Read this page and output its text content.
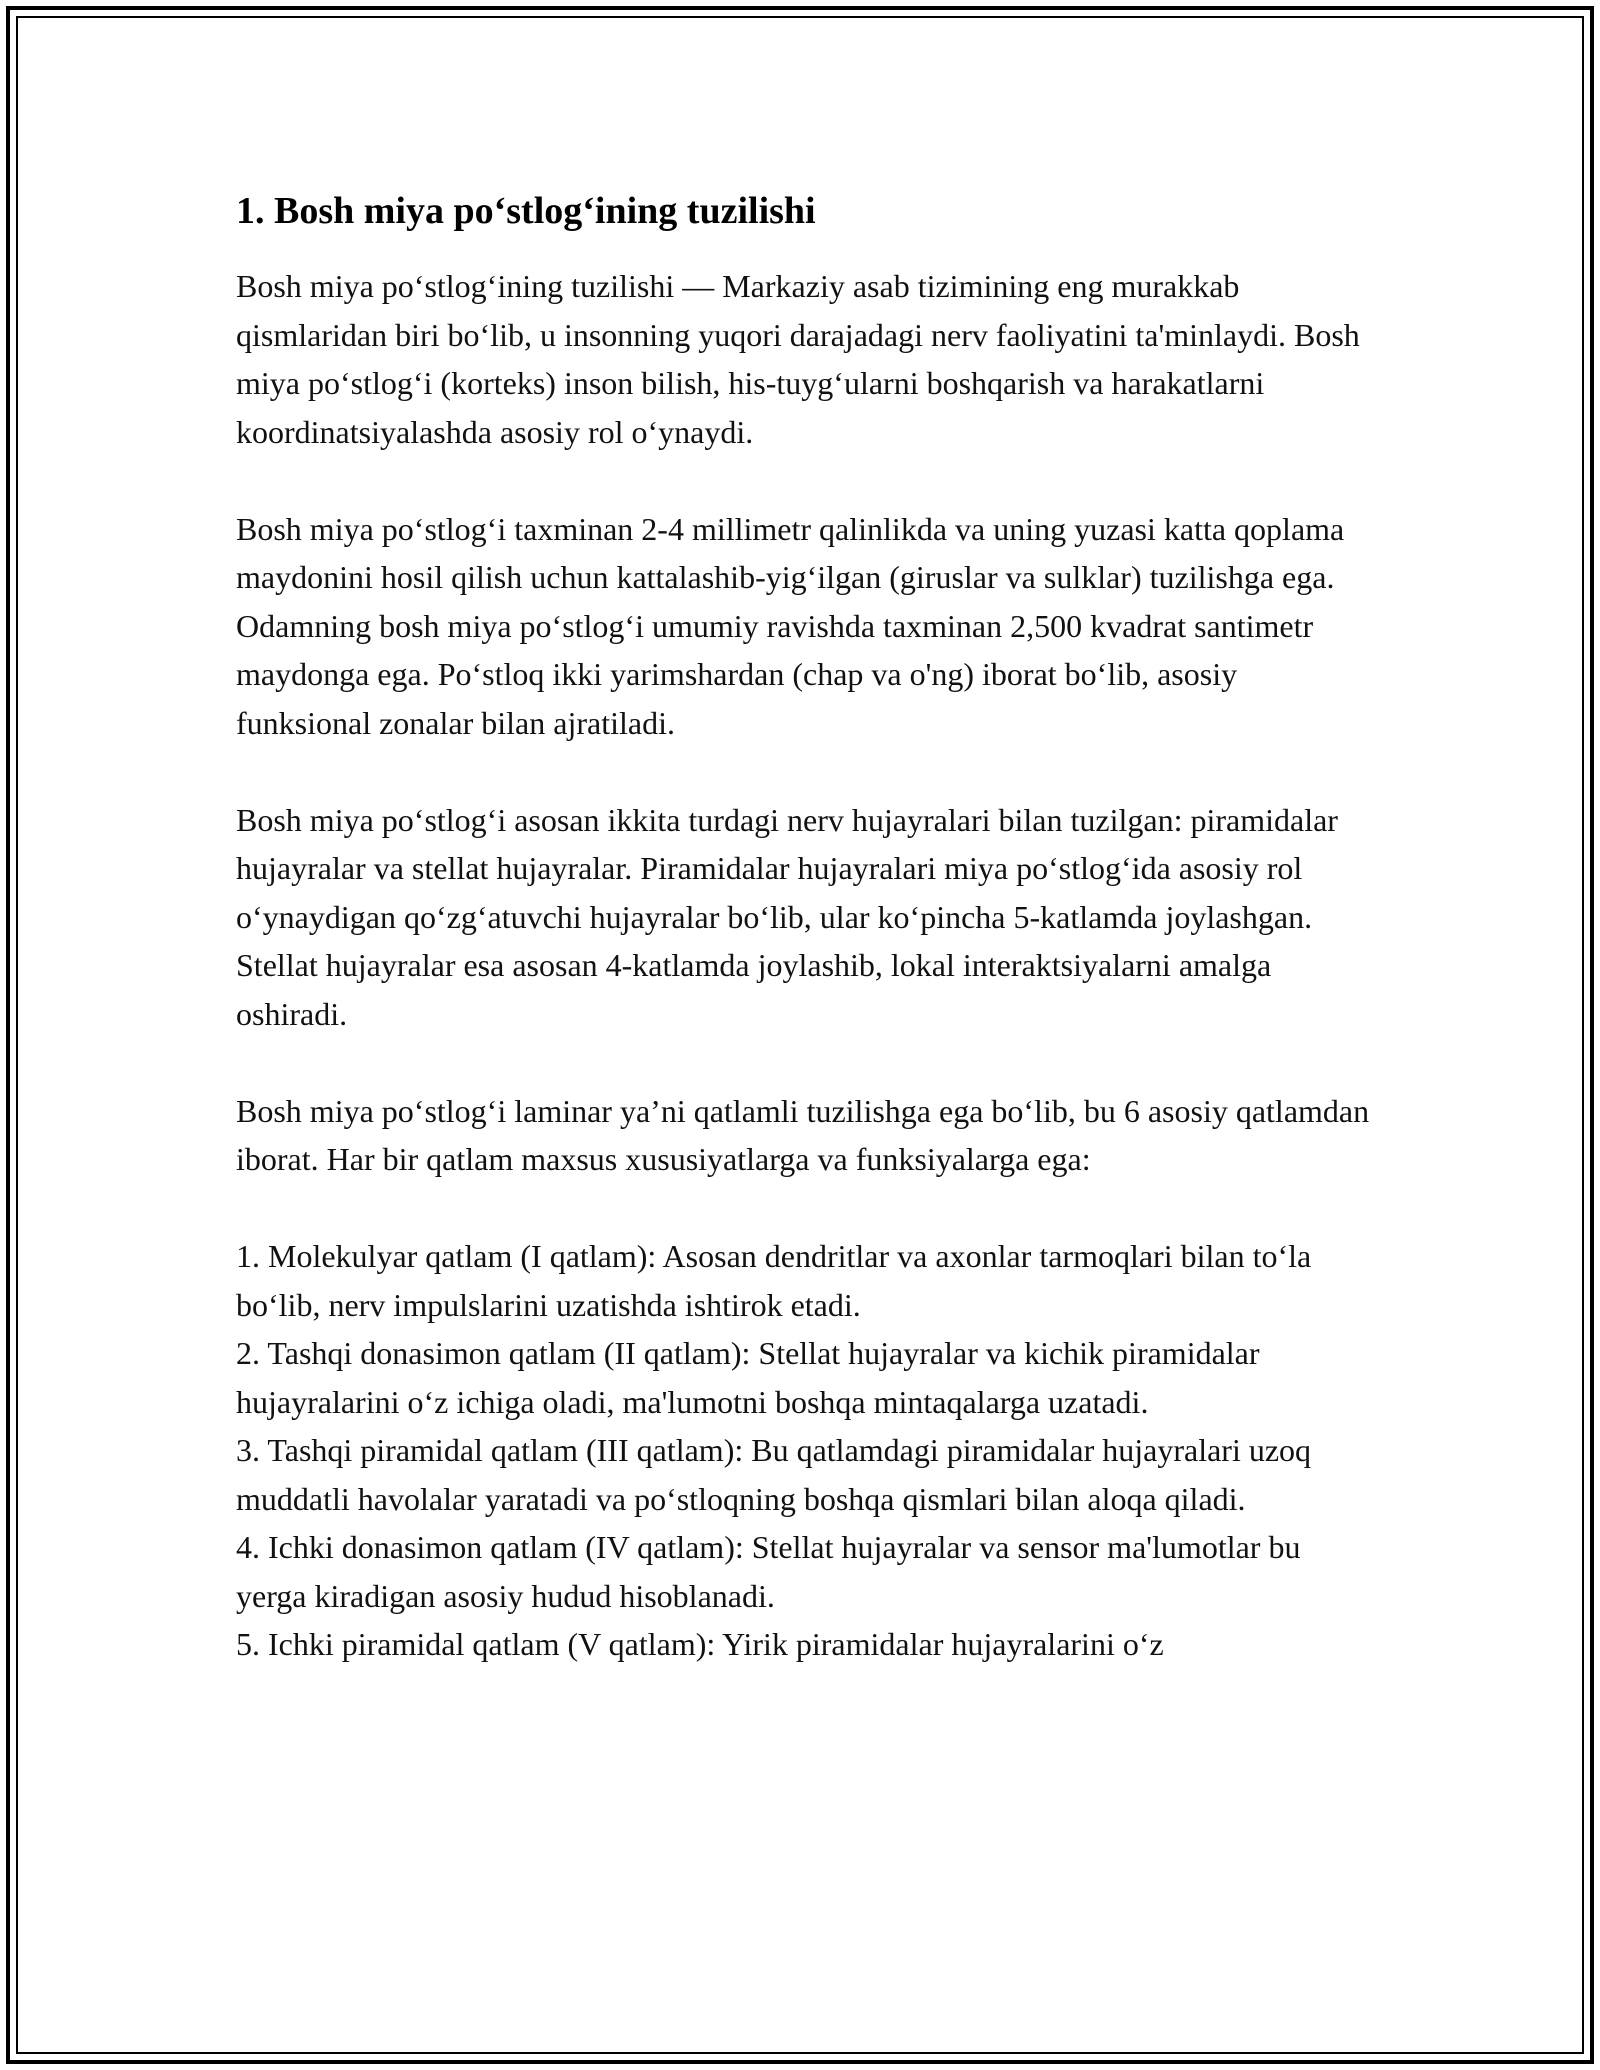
1. Bosh miya po‘stlog‘ining tuzilishi

Bosh miya po‘stlog‘ining tuzilishi — Markaziy asab tizimining eng murakkab qismlaridan biri bo‘lib, u insonning yuqori darajadagi nerv faoliyatini ta'minlaydi. Bosh miya po‘stlog‘i (korteks) inson bilish, his-tuyg‘ularni boshqarish va harakatlarni koordinatsiyalashda asosiy rol o‘ynaydi.

Bosh miya po‘stlog‘i taxminan 2-4 millimetr qalinlikda va uning yuzasi katta qoplama maydonini hosil qilish uchun kattalashib-yig‘ilgan (giruslar va sulklar) tuzilishga ega. Odamning bosh miya po‘stlog‘i umumiy ravishda taxminan 2,500 kvadrat santimetr maydonga ega. Po‘stloq ikki yarimshardan (chap va o'ng) iborat bo‘lib, asosiy funksional zonalar bilan ajratiladi.

Bosh miya po‘stlog‘i asosan ikkita turdagi nerv hujayralari bilan tuzilgan: piramidalar hujayralar va stellat hujayralar. Piramidalar hujayralari miya po‘stlog‘ida asosiy rol o‘ynaydigan qo‘zg‘atuvchi hujayralar bo‘lib, ular ko‘pincha 5-katlamda joylashgan. Stellat hujayralar esa asosan 4-katlamda joylashib, lokal interaktsiyalarni amalga oshiradi.

Bosh miya po‘stlog‘i laminar ya’ni qatlamli tuzilishga ega bo‘lib, bu 6 asosiy qatlamdan iborat. Har bir qatlam maxsus xususiyatlarga va funksiyalarga ega:

1. Molekulyar qatlam (I qatlam): Asosan dendritlar va axonlar tarmoqlari bilan to‘la bo‘lib, nerv impulslarini uzatishda ishtirok etadi.
2. Tashqi donasimon qatlam (II qatlam): Stellat hujayralar va kichik piramidalar hujayralarini o‘z ichiga oladi, ma'lumotni boshqa mintaqalarga uzatadi.
3. Tashqi piramidal qatlam (III qatlam): Bu qatlamdagi piramidalar hujayralari uzoq muddatli havolalar yaratadi va po‘stloqning boshqa qismlari bilan aloqa qiladi.
4. Ichki donasimon qatlam (IV qatlam): Stellat hujayralar va sensor ma'lumotlar bu yerga kiradigan asosiy hudud hisoblanadi.
5. Ichki piramidal qatlam (V qatlam): Yirik piramidalar hujayralarini o‘z
